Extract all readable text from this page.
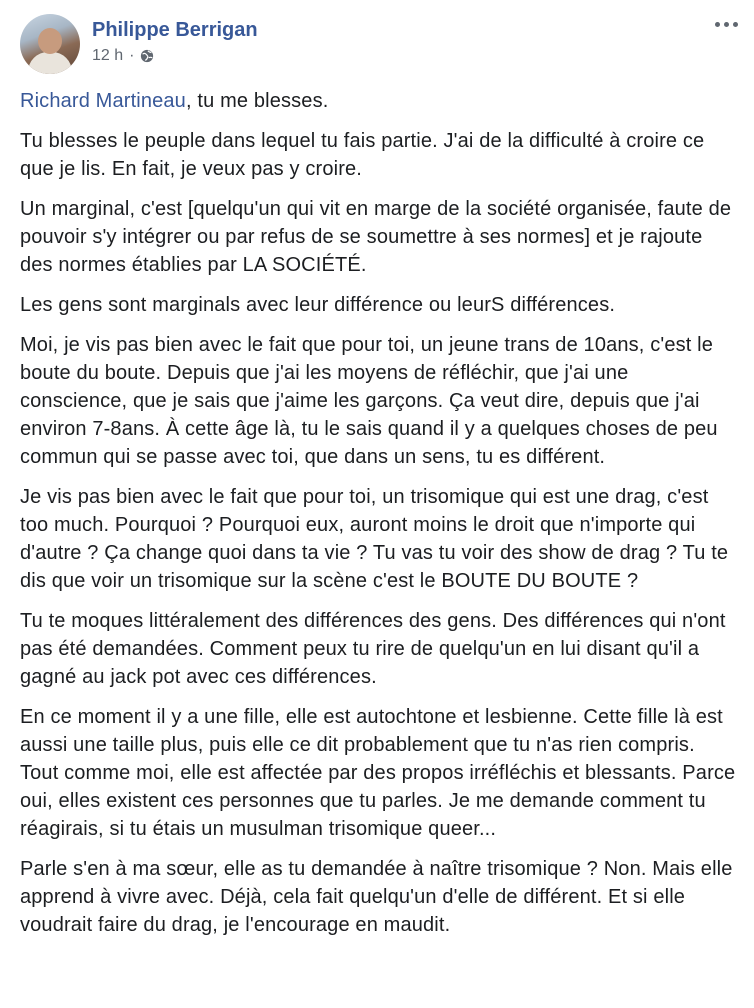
Philippe Berrigan
12 h ·

Richard Martineau, tu me blesses.

Tu blesses le peuple dans lequel tu fais partie. J'ai de la difficulté à croire ce que je lis. En fait, je veux pas y croire.

Un marginal, c'est [quelqu'un qui vit en marge de la société organisée, faute de pouvoir s'y intégrer ou par refus de se soumettre à ses normes] et je rajoute des normes établies par LA SOCIÉTÉ.

Les gens sont marginals avec leur différence ou leurS différences.

Moi, je vis pas bien avec le fait que pour toi, un jeune trans de 10ans, c'est le boute du boute. Depuis que j'ai les moyens de réfléchir, que j'ai une conscience, que je sais que j'aime les garçons. Ça veut dire, depuis que j'ai environ 7-8ans. À cette âge là, tu le sais quand il y a quelques choses de peu commun qui se passe avec toi, que dans un sens, tu es différent.

Je vis pas bien avec le fait que pour toi, un trisomique qui est une drag, c'est too much. Pourquoi ? Pourquoi eux, auront moins le droit que n'importe qui d'autre ? Ça change quoi dans ta vie ? Tu vas tu voir des show de drag ? Tu te dis que voir un trisomique sur la scène c'est le BOUTE DU BOUTE ?

Tu te moques littéralement des différences des gens. Des différences qui n'ont pas été demandées. Comment peux tu rire de quelqu'un en lui disant qu'il a gagné au jack pot avec ces différences.

En ce moment il y a une fille, elle est autochtone et lesbienne. Cette fille là est aussi une taille plus, puis elle ce dit probablement que tu n'as rien compris. Tout comme moi, elle est affectée par des propos irréfléchis et blessants. Parce oui, elles existent ces personnes que tu parles. Je me demande comment tu réagirais, si tu étais un musulman trisomique queer...

Parle s'en à ma sœur, elle as tu demandée à naître trisomique ? Non. Mais elle apprend à vivre avec. Déjà, cela fait quelqu'un d'elle de différent. Et si elle voudrait faire du drag, je l'encourage en maudit.
